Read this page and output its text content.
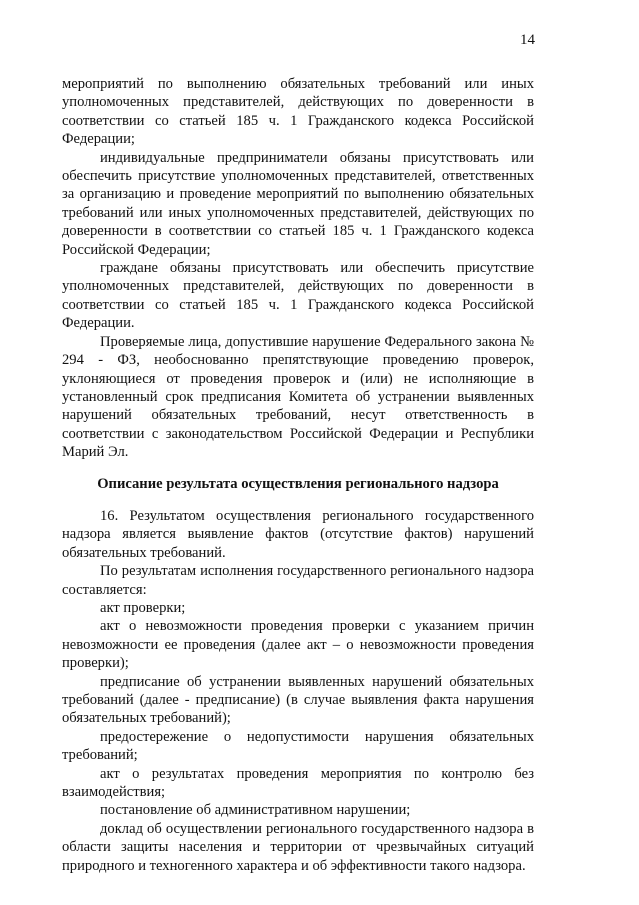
14

мероприятий по выполнению обязательных требований или иных уполномоченных представителей, действующих по доверенности в соответствии со статьей 185 ч. 1 Гражданского кодекса Российской Федерации;

индивидуальные предприниматели обязаны присутствовать или обеспечить присутствие уполномоченных представителей, ответственных за организацию и проведение мероприятий по выполнению обязательных требований или иных уполномоченных представителей, действующих по доверенности в соответствии со статьей 185 ч. 1 Гражданского кодекса Российской Федерации;

граждане обязаны присутствовать или обеспечить присутствие уполномоченных представителей, действующих по доверенности в соответствии со статьей 185 ч. 1 Гражданского кодекса Российской Федерации.

Проверяемые лица, допустившие нарушение Федерального закона № 294 - ФЗ, необоснованно препятствующие проведению проверок, уклоняющиеся от проведения проверок и (или) не исполняющие в установленный срок предписания Комитета об устранении выявленных нарушений обязательных требований, несут ответственность в соответствии с законодательством Российской Федерации и Республики Марий Эл.

Описание результата осуществления регионального надзора

16. Результатом осуществления регионального государственного надзора является выявление фактов (отсутствие фактов) нарушений обязательных требований.

По результатам исполнения государственного регионального надзора составляется:

акт проверки;

акт о невозможности проведения проверки с указанием причин невозможности ее проведения (далее акт – о невозможности проведения проверки);

предписание об устранении выявленных нарушений обязательных требований (далее - предписание) (в случае выявления факта нарушения обязательных требований);

предостережение о недопустимости нарушения обязательных требований;

акт о результатах проведения мероприятия по контролю без взаимодействия;

постановление об административном нарушении;

доклад об осуществлении регионального государственного надзора в области защиты населения и территории от чрезвычайных ситуаций природного и техногенного характера и об эффективности такого надзора.
